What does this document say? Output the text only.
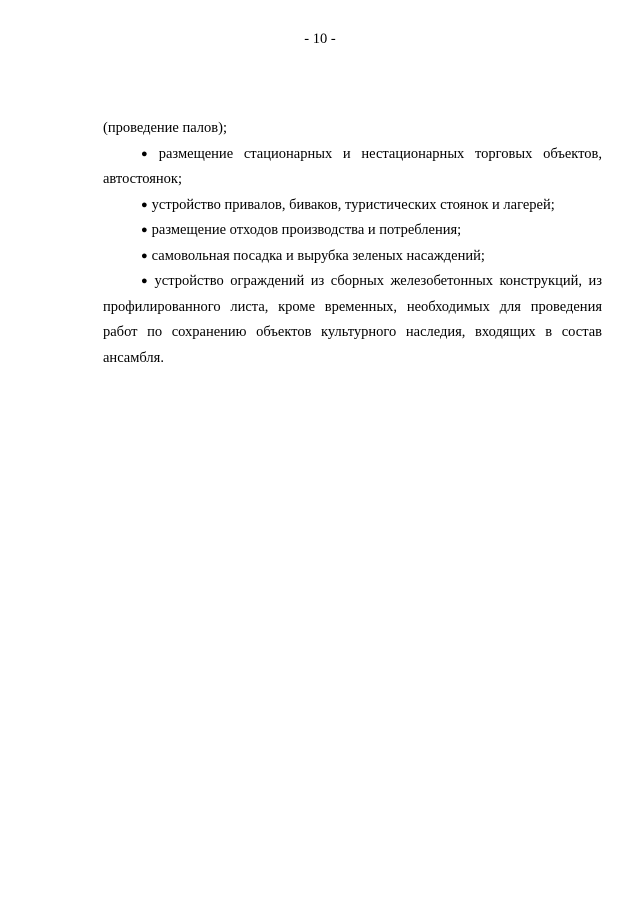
- 10 -

(проведение палов);

● размещение стационарных и нестационарных торговых объектов, автостоянок;

● устройство привалов, биваков, туристических стоянок и лагерей;

● размещение отходов производства и потребления;

● самовольная посадка и вырубка зеленых насаждений;

● устройство ограждений из сборных железобетонных конструкций, из профилированного листа, кроме временных, необходимых для проведения работ по сохранению объектов культурного наследия, входящих в состав ансамбля.
